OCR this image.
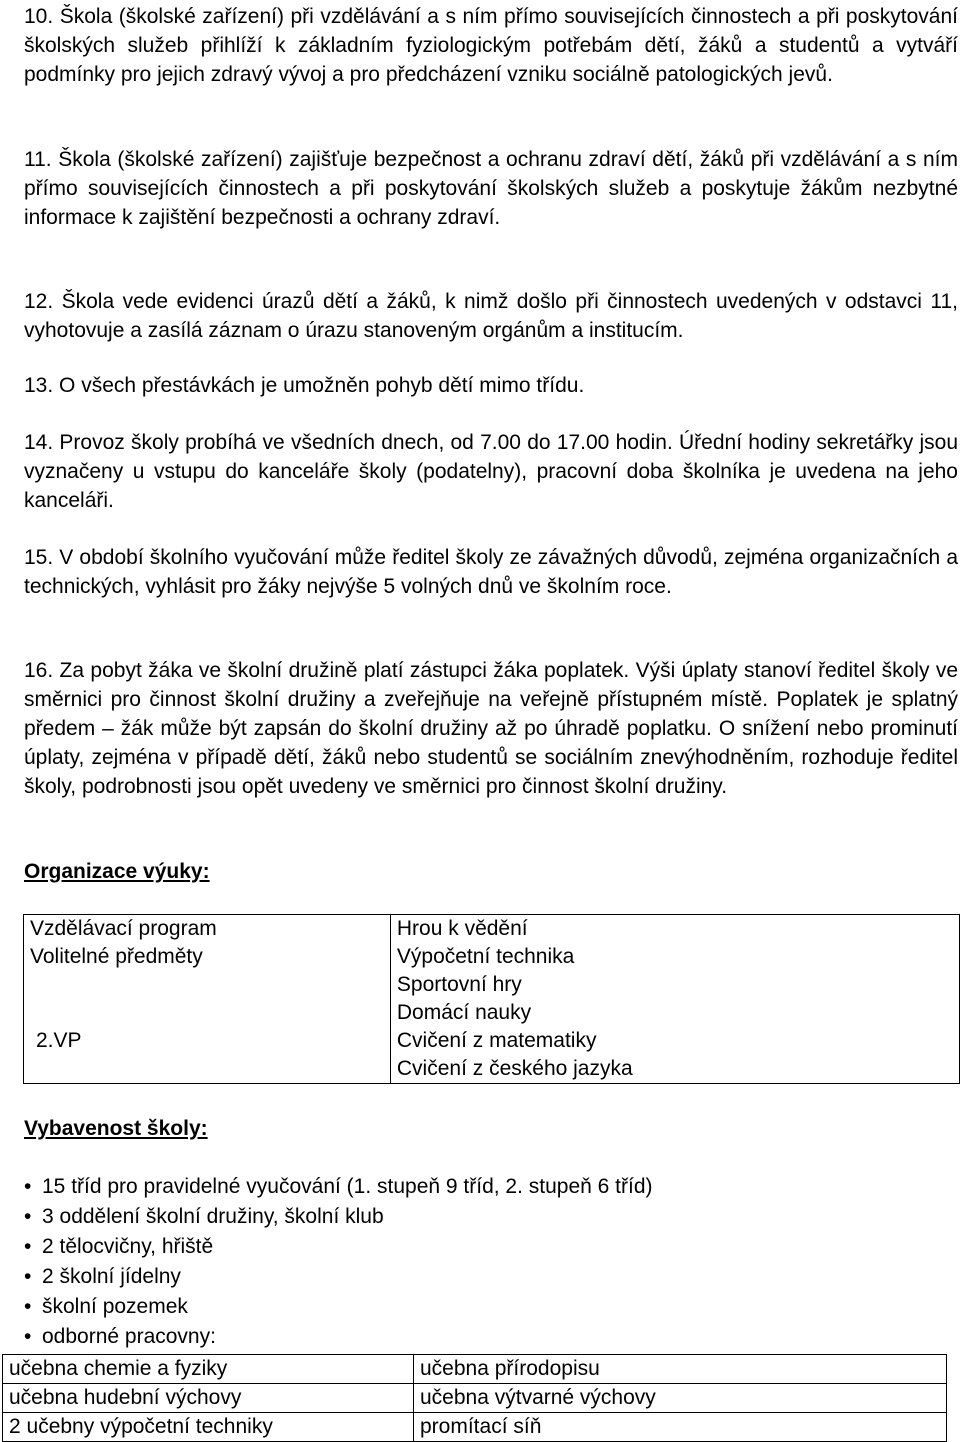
10. Škola (školské zařízení) při vzdělávání a s ním přímo souvisejících činnostech a při poskytování školských služeb přihlíží k základním fyziologickým potřebám dětí, žáků a studentů a vytváří podmínky pro jejich zdravý vývoj a pro předcházení vzniku sociálně patologických jevů.

11. Škola (školské zařízení) zajišťuje bezpečnost a ochranu zdraví dětí, žáků při vzdělávání a s ním přímo souvisejících činnostech a při poskytování školských služeb a poskytuje žákům nezbytné informace k zajištění bezpečnosti a ochrany zdraví.

12. Škola vede evidenci úrazů dětí a žáků, k nimž došlo při činnostech uvedených v odstavci 11, vyhotovuje a zasílá záznam o úrazu stanoveným orgánům a institucím.

13. O všech přestávkách je umožněn pohyb dětí mimo třídu.

14. Provoz školy probíhá ve všedních dnech, od 7.00 do 17.00 hodin. Úřední hodiny sekretářky jsou vyznačeny u vstupu do kanceláře školy (podatelny), pracovní doba školníka je uvedena na jeho kanceláři.

15. V období školního vyučování může ředitel školy ze závažných důvodů, zejména organizačních a technických, vyhlásit pro žáky nejvýše 5 volných dnů ve školním roce.

16. Za pobyt žáka ve školní družině platí zástupci žáka poplatek. Výši úplaty stanoví ředitel školy ve směrnici pro činnost školní družiny a zveřejňuje na veřejně přístupném místě. Poplatek je splatný předem – žák může být zapsán do školní družiny až po úhradě poplatku. O snížení nebo prominutí úplaty, zejména v případě dětí, žáků nebo studentů se sociálním znevýhodněním, rozhoduje ředitel školy, podrobnosti jsou opět uvedeny ve směrnici pro činnost školní družiny.

Organizace výuky:

Vzdělávací program	Hrou k vědění
Volitelné předměty	Výpočetní technika
	Sportovní hry
	Domácí nauky
2.VP	Cvičení z matematiky
	Cvičení z českého jazyka

Vybavenost školy:

• 15 tříd pro pravidelné vyučování (1. stupeň 9 tříd, 2. stupeň 6 tříd)
• 3 oddělení školní družiny, školní klub
• 2 tělocvičny, hřiště
• 2 školní jídelny
• školní pozemek
• odborné pracovny:
učebna chemie a fyziky	učebna přírodopisu
učebna hudební výchovy	učebna výtvarné výchovy
2 učebny výpočetní techniky	promítací síň
